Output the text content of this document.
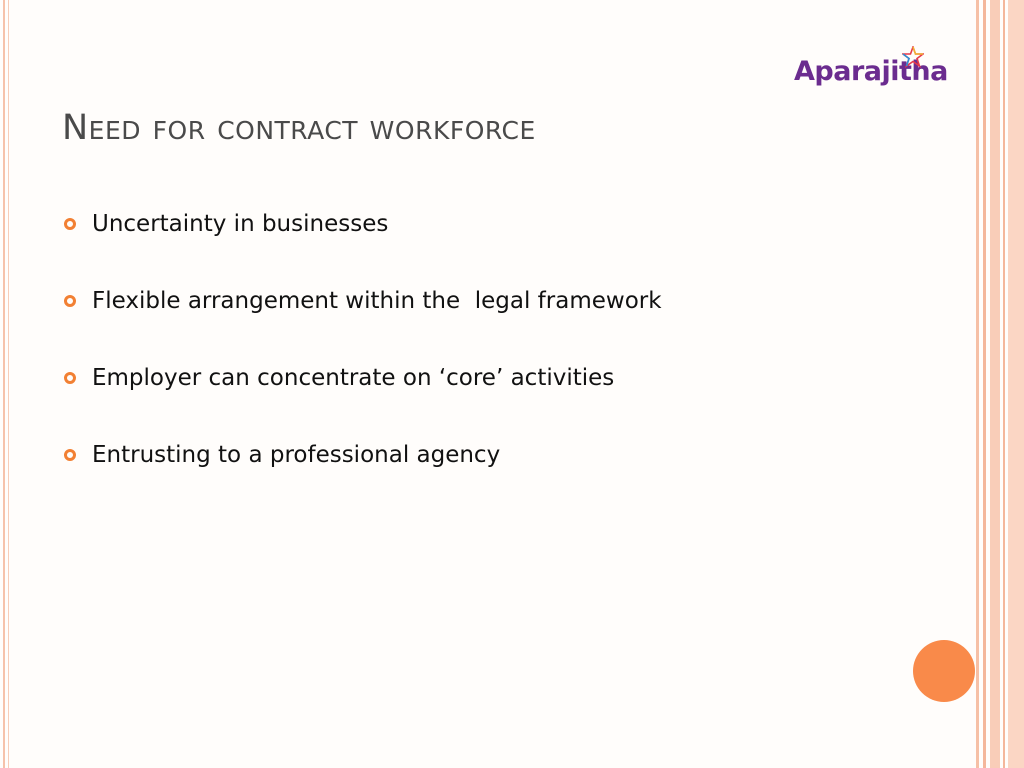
Aparajitha
Need for contract workforce
Uncertainty in businesses
Flexible arrangement within the  legal framework
Employer can concentrate on ‘core’ activities
Entrusting to a professional agency
